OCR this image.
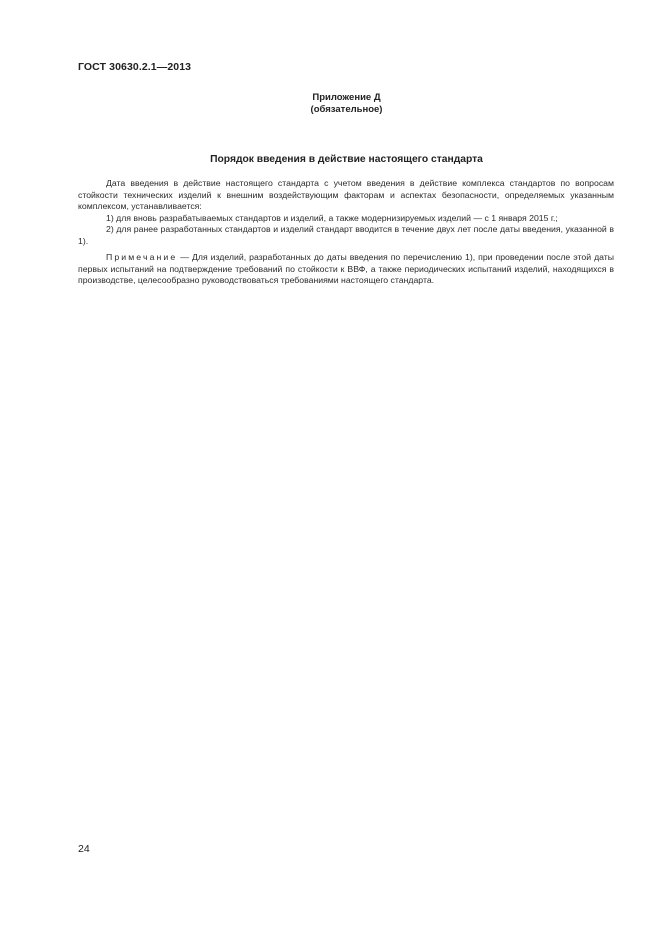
ГОСТ 30630.2.1—2013
Приложение Д
(обязательное)
Порядок введения в действие настоящего стандарта

Дата введения в действие настоящего стандарта с учетом введения в действие комплекса стандартов по вопросам стойкости технических изделий к внешним воздействующим факторам и аспектах безопасности, определяемых указанным комплексом, устанавливается:

1) для вновь разрабатываемых стандартов и изделий, а также модернизируемых изделий — с 1 января 2015 г.;

2) для ранее разработанных стандартов и изделий стандарт вводится в течение двух лет после даты введения, указанной в 1).

Примечание — Для изделий, разработанных до даты введения по перечислению 1), при проведении после этой даты первых испытаний на подтверждение требований по стойкости к ВВФ, а также периодических испытаний изделий, находящихся в производстве, целесообразно руководствоваться требованиями настоящего стандарта.

24
